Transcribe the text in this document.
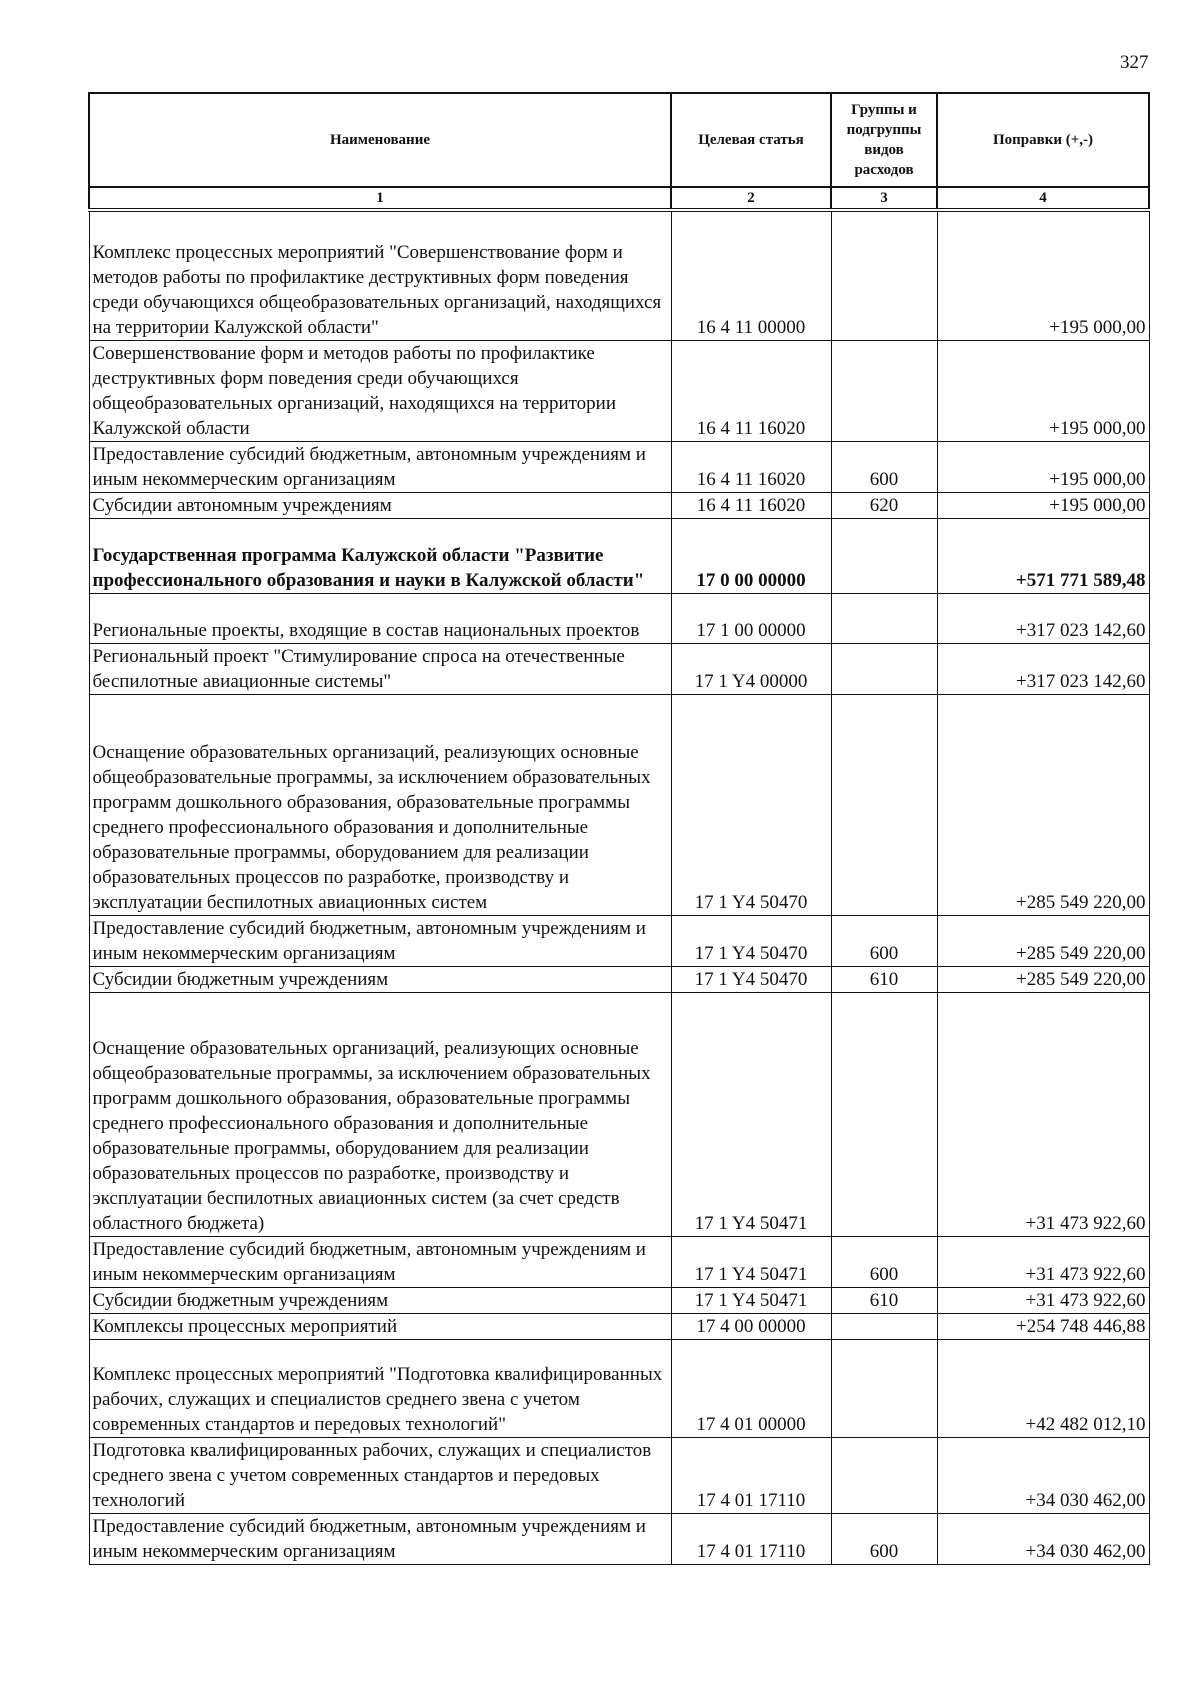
327
Наименование	Целевая статья	Группы и подгруппы видов расходов	Поправки (+,-)
1	2	3	4
Комплекс процессных мероприятий "Совершенствование форм и методов работы по профилактике деструктивных форм поведения среди обучающихся общеобразовательных организаций, находящихся на территории Калужской области"	16 4 11 00000		+195 000,00
Совершенствование форм и методов работы по профилактике деструктивных форм поведения среди обучающихся общеобразовательных организаций, находящихся на территории Калужской области	16 4 11 16020		+195 000,00
Предоставление субсидий бюджетным, автономным учреждениям и иным некоммерческим организациям	16 4 11 16020	600	+195 000,00
Субсидии автономным учреждениям	16 4 11 16020	620	+195 000,00
Государственная программа Калужской области "Развитие профессионального образования и науки в Калужской области"	17 0 00 00000		+571 771 589,48
Региональные проекты, входящие в состав национальных проектов	17 1 00 00000		+317 023 142,60
Региональный проект "Стимулирование спроса на отечественные беспилотные авиационные системы"	17 1 Y4 00000		+317 023 142,60
Оснащение образовательных организаций, реализующих основные общеобразовательные программы, за исключением образовательных программ дошкольного образования, образовательные программы среднего профессионального образования и дополнительные образовательные программы, оборудованием для реализации образовательных процессов по разработке, производству и эксплуатации беспилотных авиационных систем	17 1 Y4 50470		+285 549 220,00
Предоставление субсидий бюджетным, автономным учреждениям и иным некоммерческим организациям	17 1 Y4 50470	600	+285 549 220,00
Субсидии бюджетным учреждениям	17 1 Y4 50470	610	+285 549 220,00
Оснащение образовательных организаций, реализующих основные общеобразовательные программы, за исключением образовательных программ дошкольного образования, образовательные программы среднего профессионального образования и дополнительные образовательные программы, оборудованием для реализации образовательных процессов по разработке, производству и эксплуатации беспилотных авиационных систем (за счет средств областного бюджета)	17 1 Y4 50471		+31 473 922,60
Предоставление субсидий бюджетным, автономным учреждениям и иным некоммерческим организациям	17 1 Y4 50471	600	+31 473 922,60
Субсидии бюджетным учреждениям	17 1 Y4 50471	610	+31 473 922,60
Комплексы процессных мероприятий	17 4 00 00000		+254 748 446,88
Комплекс процессных мероприятий "Подготовка квалифицированных рабочих, служащих и специалистов среднего звена с учетом современных стандартов и передовых технологий"	17 4 01 00000		+42 482 012,10
Подготовка квалифицированных рабочих, служащих и специалистов среднего звена с учетом современных стандартов и передовых технологий	17 4 01 17110		+34 030 462,00
Предоставление субсидий бюджетным, автономным учреждениям и иным некоммерческим организациям	17 4 01 17110	600	+34 030 462,00
